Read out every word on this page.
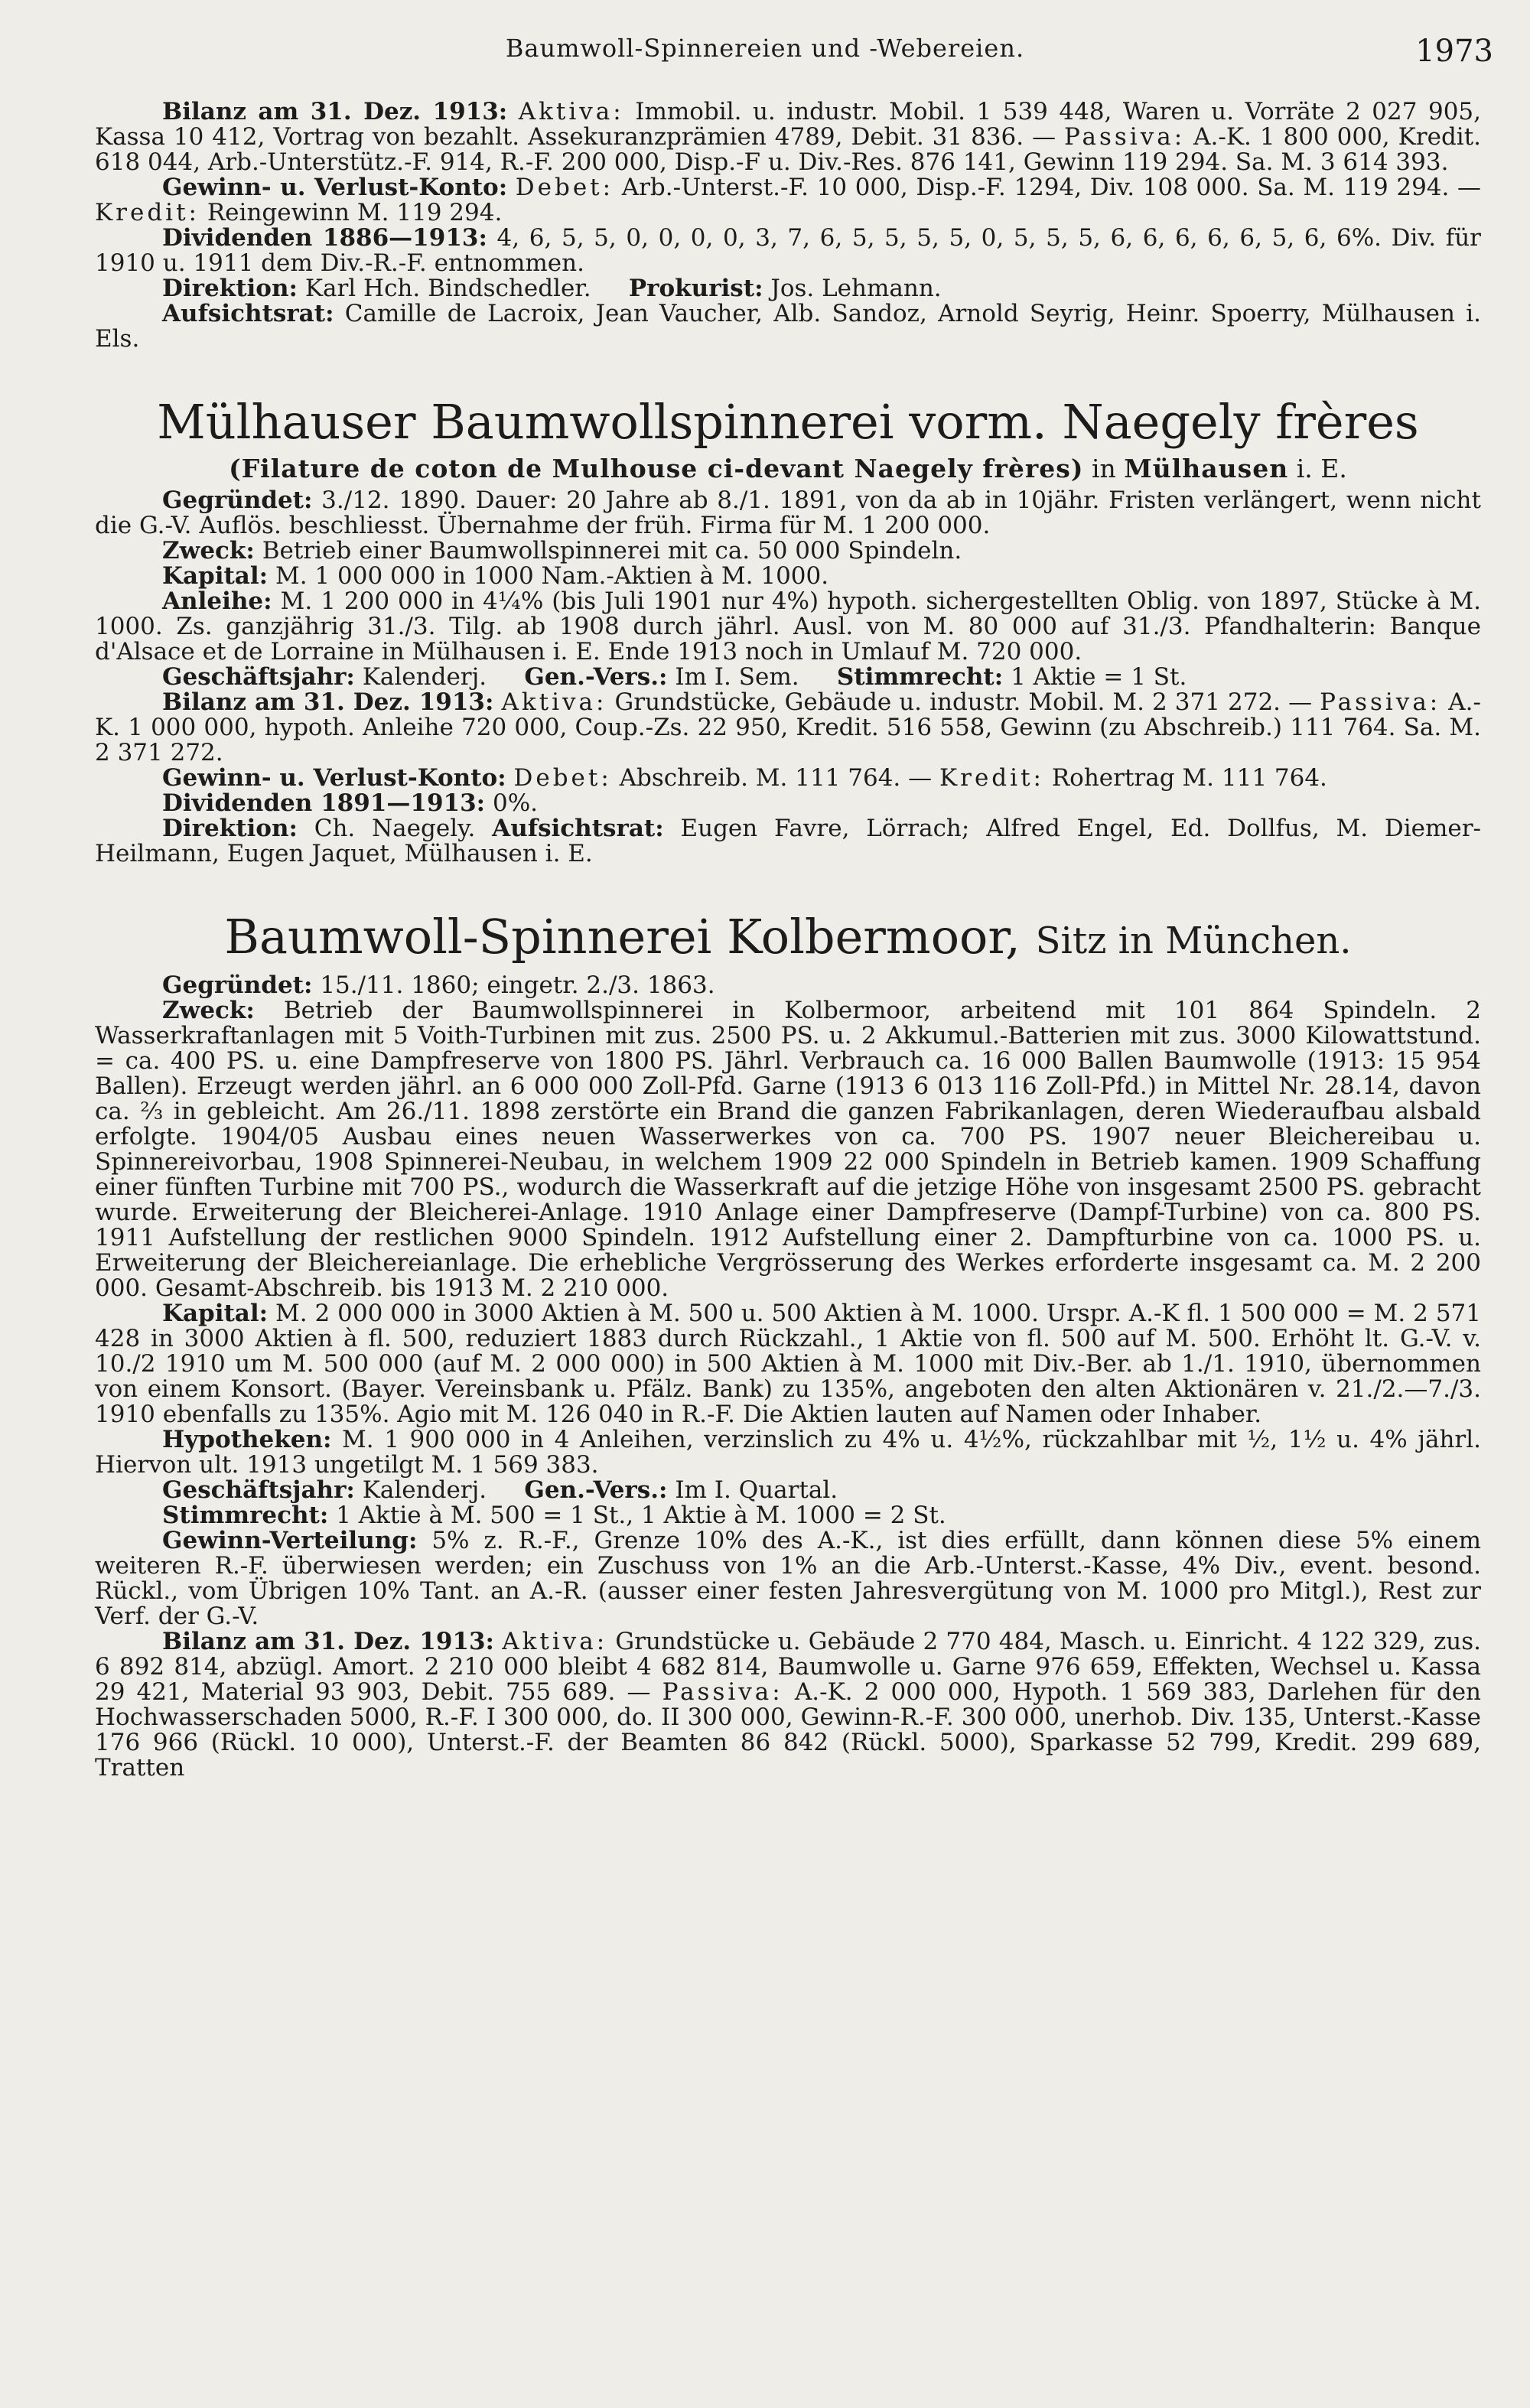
Baumwoll-Spinnereien und -Webereien.	1973

Bilanz am 31. Dez. 1913: Aktiva: Immobil. u. industr. Mobil. 1 539 448, Waren u. Vorräte 2 027 905, Kassa 10 412, Vortrag von bezahlt. Assekuranzprämien 4789, Debit. 31 836. — Passiva: A.-K. 1 800 000, Kredit. 618 044, Arb.-Unterstütz.-F. 914, R.-F. 200 000, Disp.-F u. Div.-Res. 876 141, Gewinn 119 294. Sa. M. 3 614 393.

Gewinn- u. Verlust-Konto: Debet: Arb.-Unterst.-F. 10 000, Disp.-F. 1294, Div. 108 000. Sa. M. 119 294. — Kredit: Reingewinn M. 119 294.

Dividenden 1886—1913: 4, 6, 5, 5, 0, 0, 0, 0, 3, 7, 6, 5, 5, 5, 5, 0, 5, 5, 5, 6, 6, 6, 6, 6, 5, 6, 6%. Div. für 1910 u. 1911 dem Div.-R.-F. entnommen.

Direktion: Karl Hch. Bindschedler. Prokurist: Jos. Lehmann.

Aufsichtsrat: Camille de Lacroix, Jean Vaucher, Alb. Sandoz, Arnold Seyrig, Heinr. Spoerry, Mülhausen i. Els.

Mülhauser Baumwollspinnerei vorm. Naegely frères
(Filature de coton de Mulhouse ci-devant Naegely frères) in Mülhausen i. E.

Gegründet: 3./12. 1890. Dauer: 20 Jahre ab 8./1. 1891, von da ab in 10jähr. Fristen verlängert, wenn nicht die G.-V. Auflös. beschliesst. Übernahme der früh. Firma für M. 1 200 000.

Zweck: Betrieb einer Baumwollspinnerei mit ca. 50 000 Spindeln.

Kapital: M. 1 000 000 in 1000 Nam.-Aktien à M. 1000.

Anleihe: M. 1 200 000 in 4¼% (bis Juli 1901 nur 4%) hypoth. sichergestellten Oblig. von 1897, Stücke à M. 1000. Zs. ganzjährig 31./3. Tilg. ab 1908 durch jährl. Ausl. von M. 80 000 auf 31./3. Pfandhalterin: Banque d'Alsace et de Lorraine in Mülhausen i. E. Ende 1913 noch in Umlauf M. 720 000.

Geschäftsjahr: Kalenderj. Gen.-Vers.: Im I. Sem. Stimmrecht: 1 Aktie = 1 St.

Bilanz am 31. Dez. 1913: Aktiva: Grundstücke, Gebäude u. industr. Mobil. M. 2 371 272. — Passiva: A.-K. 1 000 000, hypoth. Anleihe 720 000, Coup.-Zs. 22 950, Kredit. 516 558, Gewinn (zu Abschreib.) 111 764. Sa. M. 2 371 272.

Gewinn- u. Verlust-Konto: Debet: Abschreib. M. 111 764. — Kredit: Rohertrag M. 111 764.

Dividenden 1891—1913: 0%.

Direktion: Ch. Naegely. Aufsichtsrat: Eugen Favre, Lörrach; Alfred Engel, Ed. Dollfus, M. Diemer-Heilmann, Eugen Jaquet, Mülhausen i. E.

Baumwoll-Spinnerei Kolbermoor, Sitz in München.

Gegründet: 15./11. 1860; eingetr. 2./3. 1863.

Zweck: Betrieb der Baumwollspinnerei in Kolbermoor, arbeitend mit 101 864 Spindeln. 2 Wasserkraftanlagen mit 5 Voith-Turbinen mit zus. 2500 PS. u. 2 Akkumul.-Batterien mit zus. 3000 Kilowattstund. = ca. 400 PS. u. eine Dampfreserve von 1800 PS. Jährl. Verbrauch ca. 16 000 Ballen Baumwolle (1913: 15 954 Ballen). Erzeugt werden jährl. an 6 000 000 Zoll-Pfd. Garne (1913 6 013 116 Zoll-Pfd.) in Mittel Nr. 28.14, davon ca. ⅔ in gebleicht. Am 26./11. 1898 zerstörte ein Brand die ganzen Fabrikanlagen, deren Wiederaufbau alsbald erfolgte. 1904/05 Ausbau eines neuen Wasserwerkes von ca. 700 PS. 1907 neuer Bleichereibau u. Spinnereivorbau, 1908 Spinnerei-Neubau, in welchem 1909 22 000 Spindeln in Betrieb kamen. 1909 Schaffung einer fünften Turbine mit 700 PS., wodurch die Wasserkraft auf die jetzige Höhe von insgesamt 2500 PS. gebracht wurde. Erweiterung der Bleicherei-Anlage. 1910 Anlage einer Dampfreserve (Dampf-Turbine) von ca. 800 PS. 1911 Aufstellung der restlichen 9000 Spindeln. 1912 Aufstellung einer 2. Dampfturbine von ca. 1000 PS. u. Erweiterung der Bleichereianlage. Die erhebliche Vergrösserung des Werkes erforderte insgesamt ca. M. 2 200 000. Gesamt-Abschreib. bis 1913 M. 2 210 000.

Kapital: M. 2 000 000 in 3000 Aktien à M. 500 u. 500 Aktien à M. 1000. Urspr. A.-K fl. 1 500 000 = M. 2 571 428 in 3000 Aktien à fl. 500, reduziert 1883 durch Rückzahl., 1 Aktie von fl. 500 auf M. 500. Erhöht lt. G.-V. v. 10./2 1910 um M. 500 000 (auf M. 2 000 000) in 500 Aktien à M. 1000 mit Div.-Ber. ab 1./1. 1910, übernommen von einem Konsort. (Bayer. Vereinsbank u. Pfälz. Bank) zu 135%, angeboten den alten Aktionären v. 21./2.—7./3. 1910 ebenfalls zu 135%. Agio mit M. 126 040 in R.-F. Die Aktien lauten auf Namen oder Inhaber.

Hypotheken: M. 1 900 000 in 4 Anleihen, verzinslich zu 4% u. 4½%, rückzahlbar mit ½, 1½ u. 4% jährl. Hiervon ult. 1913 ungetilgt M. 1 569 383.

Geschäftsjahr: Kalenderj. Gen.-Vers.: Im I. Quartal.

Stimmrecht: 1 Aktie à M. 500 = 1 St., 1 Aktie à M. 1000 = 2 St.

Gewinn-Verteilung: 5% z. R.-F., Grenze 10% des A.-K., ist dies erfüllt, dann können diese 5% einem weiteren R.-F. überwiesen werden; ein Zuschuss von 1% an die Arb.-Unterst.-Kasse, 4% Div., event. besond. Rückl., vom Übrigen 10% Tant. an A.-R. (ausser einer festen Jahresvergütung von M. 1000 pro Mitgl.), Rest zur Verf. der G.-V.

Bilanz am 31. Dez. 1913: Aktiva: Grundstücke u. Gebäude 2 770 484, Masch. u. Einricht. 4 122 329, zus. 6 892 814, abzügl. Amort. 2 210 000 bleibt 4 682 814, Baumwolle u. Garne 976 659, Effekten, Wechsel u. Kassa 29 421, Material 93 903, Debit. 755 689. — Passiva: A.-K. 2 000 000, Hypoth. 1 569 383, Darlehen für den Hochwasserschaden 5000, R.-F. I 300 000, do. II 300 000, Gewinn-R.-F. 300 000, unerhob. Div. 135, Unterst.-Kasse 176 966 (Rückl. 10 000), Unterst.-F. der Beamten 86 842 (Rückl. 5000), Sparkasse 52 799, Kredit. 299 689, Tratten
